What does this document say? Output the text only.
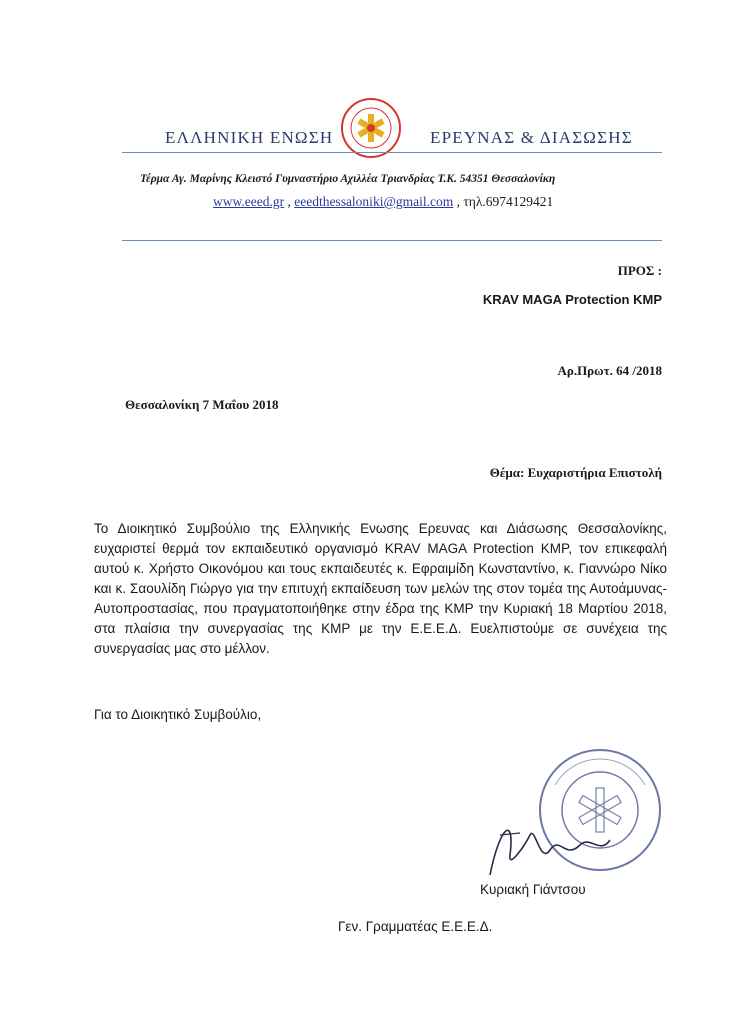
ΕΛΛΗΝΙΚΗ ΕΝΩΣΗ	ΕΡΕΥΝΑΣ & ΔΙΑΣΩΣΗΣ
Τέρμα Αγ. Μαρίνης Κλειστό Γυμναστήριο Αχιλλέα Τριανδρίας Τ.Κ. 54351 Θεσσαλονίκη
www.eeed.gr , eeedthessaloniki@gmail.com , τηλ.6974129421
ΠΡΟΣ :
KRAV MAGA Protection KMP
Αρ.Πρωτ. 64 /2018
Θεσσαλονίκη 7 Μαΐου 2018
Θέμα: Ευχαριστήρια Επιστολή
Το Διοικητικό Συμβούλιο της Ελληνικής Ενωσης Ερευνας και Διάσωσης Θεσσαλονίκης, ευχαριστεί θερμά τον εκπαιδευτικό οργανισμό KRAV MAGA Protection KMP, τον επικεφαλή αυτού κ. Χρήστο Οικονόμου και τους εκπαιδευτές κ. Εφραιμίδη Κωνσταντίνο, κ. Γιαννώρο Νίκο και κ. Σαουλίδη Γιώργο για την επιτυχή εκπαίδευση των μελών της στον τομέα της Αυτοάμυνας-Αυτοπροστασίας, που πραγματοποιήθηκε στην έδρα της KMP την Κυριακή 18 Μαρτίου 2018, στα πλαίσια την συνεργασίας της KMP με την Ε.Ε.Ε.Δ. Ευελπιστούμε σε συνέχεια της συνεργασίας μας στο μέλλον.
Για το Διοικητικό Συμβούλιο,
Κυριακή Γιάντσου
Γεν. Γραμματέας Ε.Ε.Ε.Δ.
